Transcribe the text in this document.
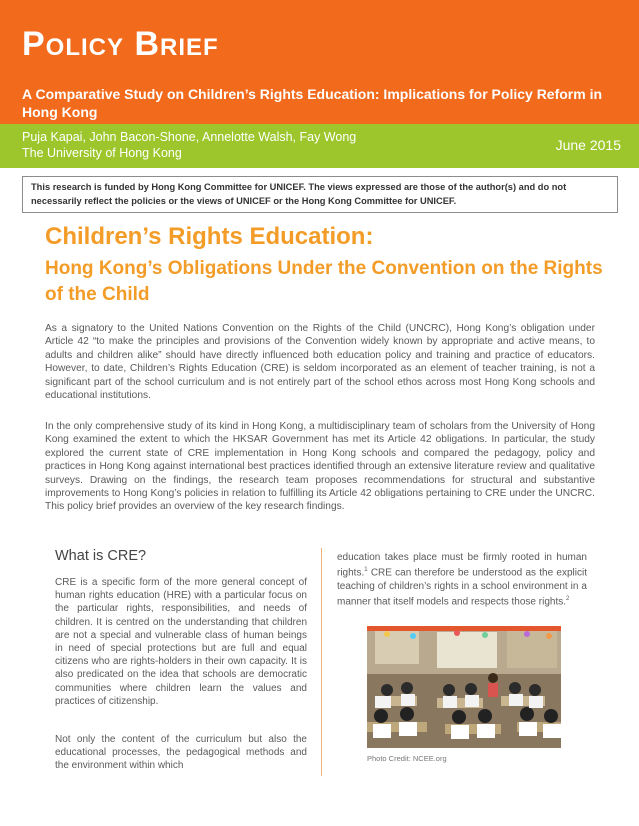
Policy Brief
A Comparative Study on Children’s Rights Education: Implications for Policy Reform in Hong Kong
Puja Kapai, John Bacon-Shone, Annelotte Walsh, Fay Wong
The University of Hong Kong	June 2015
This research is funded by Hong Kong Committee for UNICEF. The views expressed are those of the author(s) and do not necessarily reflect the policies or the views of UNICEF or the Hong Kong Committee for UNICEF.
Children’s Rights Education:
Hong Kong’s Obligations Under the Convention on the Rights of the Child
As a signatory to the United Nations Convention on the Rights of the Child (UNCRC), Hong Kong’s obligation under Article 42 “to make the principles and provisions of the Convention widely known by appropriate and active means, to adults and children alike” should have directly influenced both education policy and training and practice of educators. However, to date, Children’s Rights Education (CRE) is seldom incorporated as an element of teacher training, is not a significant part of the school curriculum and is not entirely part of the school ethos across most Hong Kong schools and educational institutions.
In the only comprehensive study of its kind in Hong Kong, a multidisciplinary team of scholars from the University of Hong Kong examined the extent to which the HKSAR Government has met its Article 42 obligations. In particular, the study explored the current state of CRE implementation in Hong Kong schools and compared the pedagogy, policy and practices in Hong Kong against international best practices identified through an extensive literature review and qualitative surveys. Drawing on the findings, the research team proposes recommendations for structural and substantive improvements to Hong Kong’s policies in relation to fulfilling its Article 42 obligations pertaining to CRE under the UNCRC. This policy brief provides an overview of the key research findings.
What is CRE?
CRE is a specific form of the more general concept of human rights education (HRE) with a particular focus on the particular rights, responsibilities, and needs of children. It is centred on the understanding that children are not a special and vulnerable class of human beings in need of special protections but are full and equal citizens who are rights-holders in their own capacity. It is also predicated on the idea that schools are democratic communities where children learn the values and practices of citizenship.
Not only the content of the curriculum but also the educational processes, the pedagogical methods and the environment within which
education takes place must be firmly rooted in human rights.$^1$ CRE can therefore be understood as the explicit teaching of children’s rights in a school environment in a manner that itself models and respects those rights.$^2$
Photo Credit: NCEE.org
